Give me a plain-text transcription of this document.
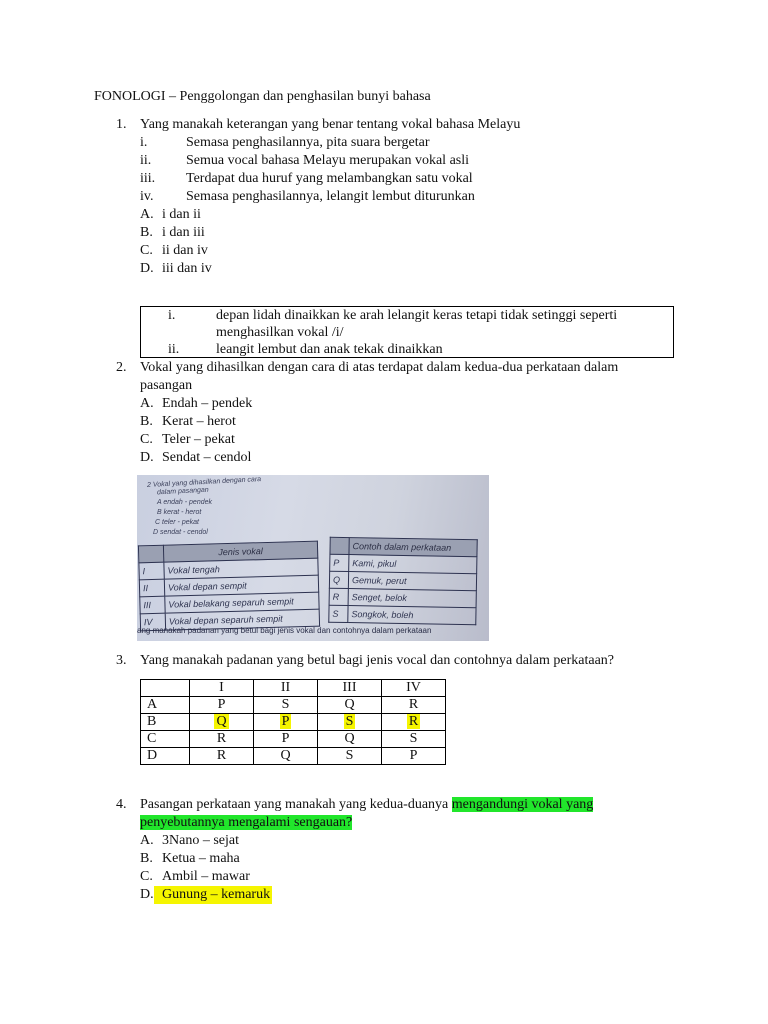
FONOLOGI – Penggolongan dan penghasilan bunyi bahasa
1. Yang manakah keterangan yang benar tentang vokal bahasa Melayu
i.	Semasa penghasilannya, pita suara bergetar
ii. Semua vocal bahasa Melayu merupakan vokal asli
iii. Terdapat dua huruf yang melambangkan satu vokal
iv. Semasa penghasilannya, lelangit lembut diturunkan
A. i dan ii
B. i dan iii
C. ii dan iv
D. iii dan iv
i.	depan lidah dinaikkan ke arah lelangit keras tetapi tidak setinggi seperti
menghasilkan vokal /i/
ii.	leangit lembut dan anak tekak dinaikkan
2. Vokal yang dihasilkan dengan cara di atas terdapat dalam kedua-dua perkataan dalam
pasangan
A. Endah – pendek
B. Kerat – herot
C. Teler – pekat
D. Sendat – cendol
2 Vokal yang dihasilkan dengan cara
dalam pasangan
A endah - pendek
B kerat - herot
C teler - pekat
D sendat - cendol
	Jenis vokal
I	Vokal tengah
II	Vokal depan sempit
III	Vokal belakang separuh sempit
IV	Vokal depan separuh sempit
	Contoh dalam perkataan
P	Kami, pikul
Q	Gemuk, perut
R	Senget, belok
S	Songkok, boleh
ang manakah padanan yang betul bagi jenis vokal dan contohnya dalam perkataan
3. Yang manakah padanan yang betul bagi jenis vocal dan contohnya dalam perkataan?
	I	II	III	IV
A	P	S	Q	R
B	Q	P	S	R
C	R	P	Q	S
D	R	Q	S	P
4. Pasangan perkataan yang manakah yang kedua-duanya mengandungi vokal yang
penyebutannya mengalami sengauan?
A. 3Nano – sejat
B. Ketua – maha
C. Ambil – mawar
D. Gunung – kemaruk
